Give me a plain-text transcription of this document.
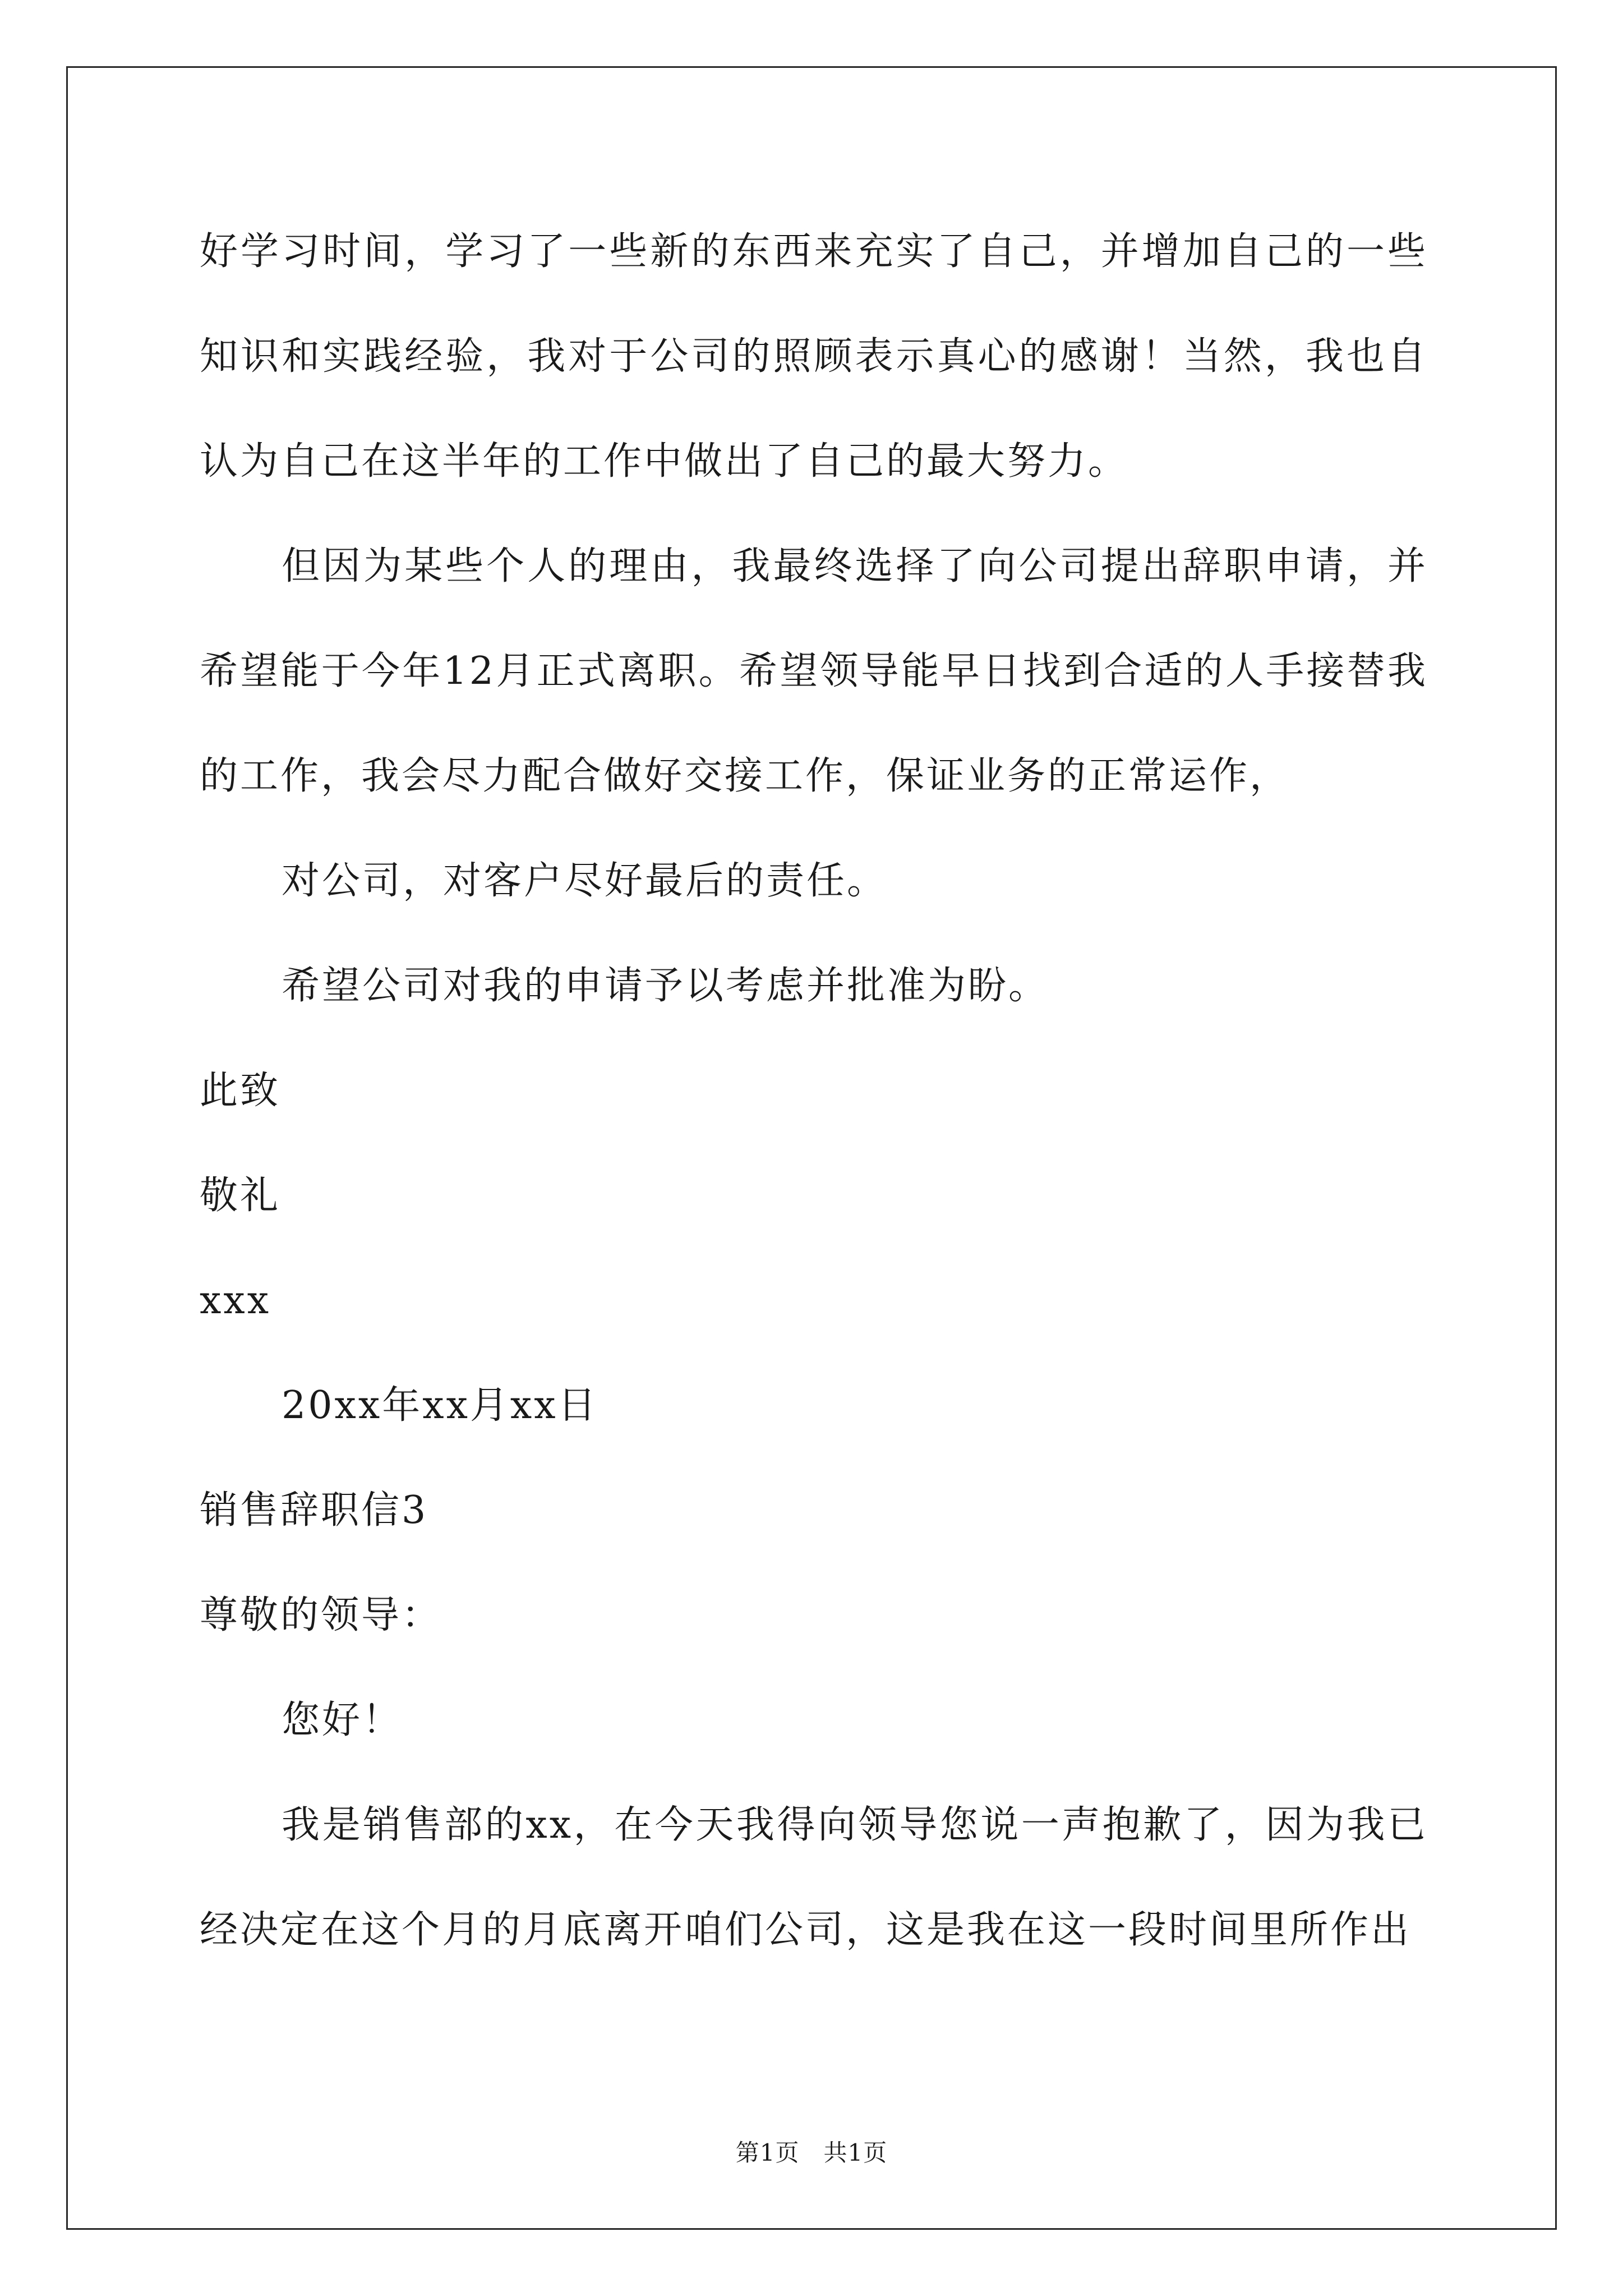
好学习时间，学习了一些新的东西来充实了自己，并增加自己的一些知识和实践经验，我对于公司的照顾表示真心的感谢！当然，我也自认为自己在这半年的工作中做出了自己的最大努力。

但因为某些个人的理由，我最终选择了向公司提出辞职申请，并希望能于今年12月正式离职。希望领导能早日找到合适的人手接替我的工作，我会尽力配合做好交接工作，保证业务的正常运作，

对公司，对客户尽好最后的责任。

希望公司对我的申请予以考虑并批准为盼。

此致

敬礼

xxx

20xx年xx月xx日

销售辞职信3

尊敬的领导：

您好！

我是销售部的xx，在今天我得向领导您说一声抱歉了，因为我已经决定在这个月的月底离开咱们公司，这是我在这一段时间里所作出

第1页　共1页
